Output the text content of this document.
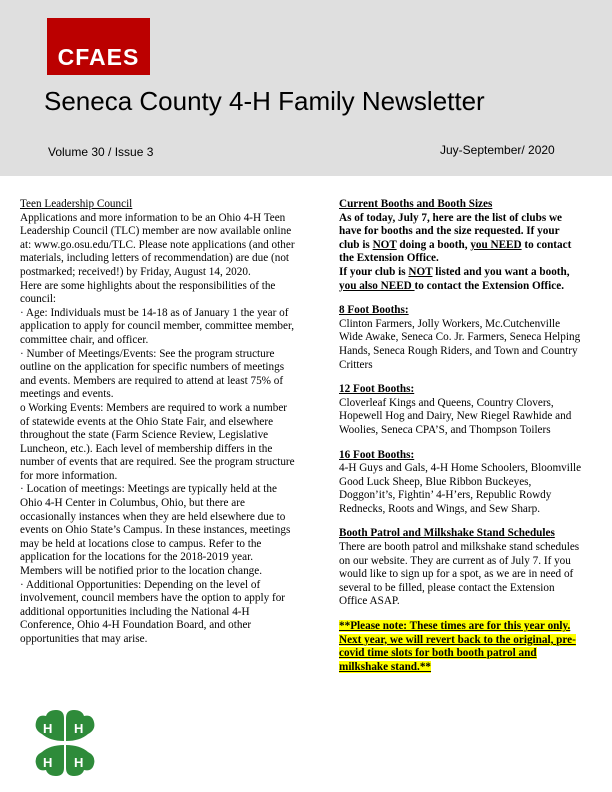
CFAES
Seneca County 4-H Family Newsletter
Volume 30 / Issue 3	Juy-September/ 2020

Teen Leadership Council

Applications and more information to be an Ohio 4-H Teen Leadership Council (TLC) member are now available online at: www.go.osu.edu/TLC. Please note applications (and other materials, including letters of recommendation) are due (not postmarked; received!) by Friday, August 14, 2020.

Here are some highlights about the responsibilities of the council:

· Age: Individuals must be 14-18 as of January 1 the year of application to apply for council member, committee member, committee chair, and officer.

· Number of Meetings/Events: See the program structure outline on the application for specific numbers of meetings and events. Members are required to attend at least 75% of meetings and events.

o Working Events: Members are required to work a number of statewide events at the Ohio State Fair, and elsewhere throughout the state (Farm Science Review, Legislative Luncheon, etc.). Each level of membership differs in the number of events that are required. See the program structure for more information.

· Location of meetings: Meetings are typically held at the Ohio 4-H Center in Columbus, Ohio, but there are occasionally instances when they are held elsewhere due to events on Ohio State’s Campus. In these instances, meetings may be held at locations close to campus. Refer to the application for the locations for the 2018-2019 year. Members will be notified prior to the location change.

· Additional Opportunities: Depending on the level of involvement, council members have the option to apply for additional opportunities including the National 4-H Conference, Ohio 4-H Foundation Board, and other opportunities that may arise.

Current Booths and Booth Sizes

As of today, July 7, here are the list of clubs we have for booths and the size requested. If your club is NOT doing a booth, you NEED to contact the Extension Office.
If your club is NOT listed and you want a booth, you also NEED to contact the Extension Office.

8 Foot Booths:

Clinton Farmers, Jolly Workers, Mc.Cutchenville Wide Awake, Seneca Co. Jr. Farmers, Seneca Helping Hands, Seneca Rough Riders, and Town and Country Critters

12 Foot Booths:

Cloverleaf Kings and Queens, Country Clovers, Hopewell Hog and Dairy, New Riegel Rawhide and Woolies, Seneca CPA’S, and Thompson Toilers

16 Foot Booths:

4-H Guys and Gals, 4-H Home Schoolers, Bloomville Good Luck Sheep, Blue Ribbon Buckeyes, Doggon’it’s, Fightin’ 4-H’ers, Republic Rowdy Rednecks, Roots and Wings, and Sew Sharp.

Booth Patrol and Milkshake Stand Schedules

There are booth patrol and milkshake stand schedules on our website. They are current as of July 7. If you would like to sign up for a spot, as we are in need of several to be filled, please contact the Extension Office ASAP.

**Please note: These times are for this year only. Next year, we will revert back to the original, pre-covid time slots for both booth patrol and milkshake stand.**

H H
H H
